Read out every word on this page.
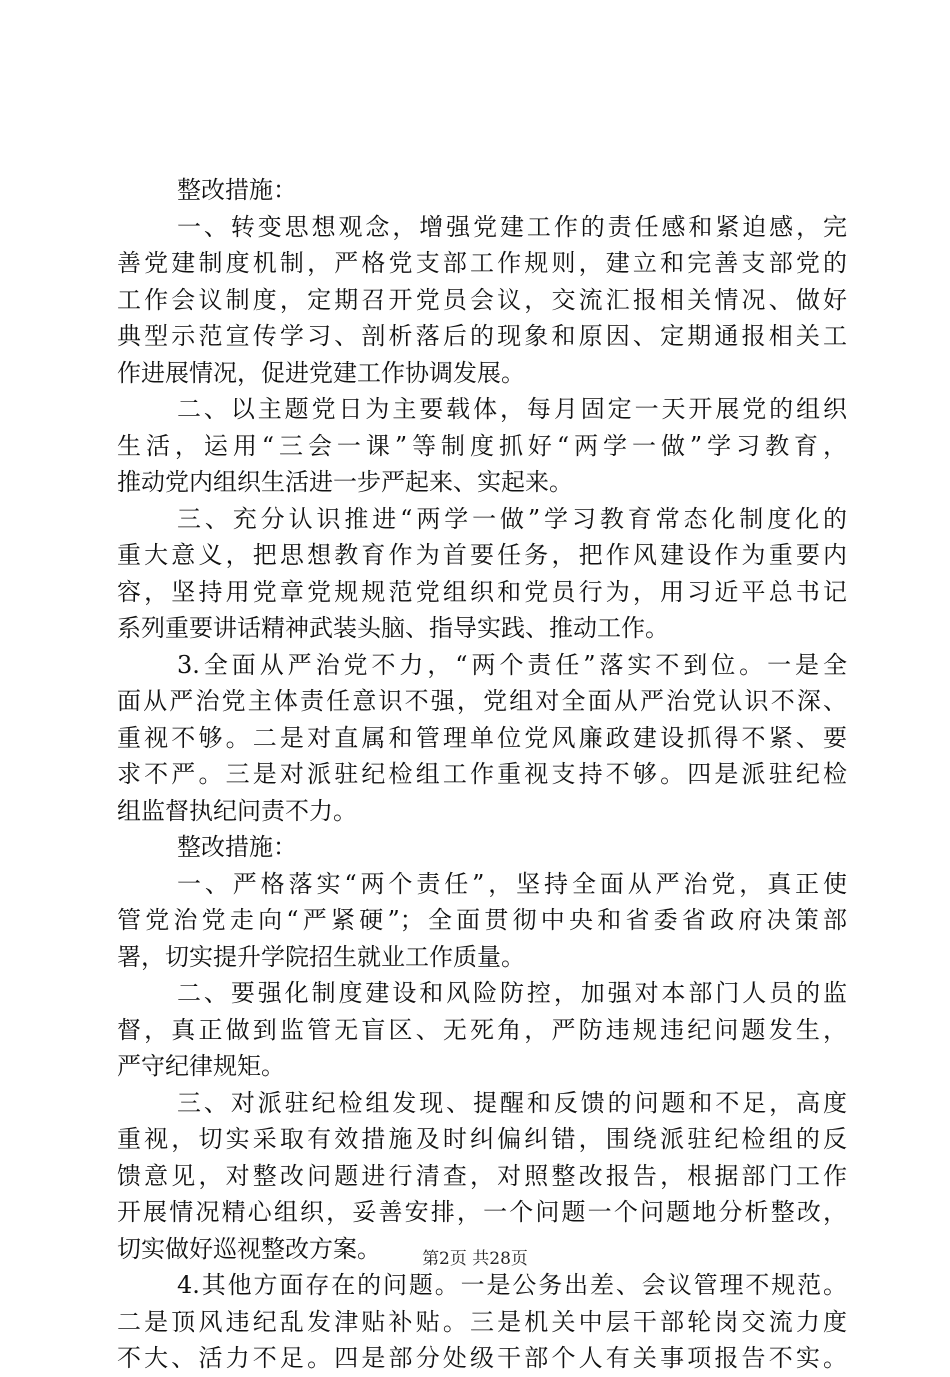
整改措施：
一、转变思想观念，增强党建工作的责任感和紧迫感，完
善党建制度机制，严格党支部工作规则，建立和完善支部党的
工作会议制度，定期召开党员会议，交流汇报相关情况、做好
典型示范宣传学习、剖析落后的现象和原因、定期通报相关工
作进展情况，促进党建工作协调发展。
二、以主题党日为主要载体，每月固定一天开展党的组织
生活，运用“三会一课”等制度抓好“两学一做”学习教育，
推动党内组织生活进一步严起来、实起来。
三、充分认识推进“两学一做”学习教育常态化制度化的
重大意义，把思想教育作为首要任务，把作风建设作为重要内
容，坚持用党章党规规范党组织和党员行为，用习近平总书记
系列重要讲话精神武装头脑、指导实践、推动工作。
3.全面从严治党不力，“两个责任”落实不到位。一是全
面从严治党主体责任意识不强，党组对全面从严治党认识不深、
重视不够。二是对直属和管理单位党风廉政建设抓得不紧、要
求不严。三是对派驻纪检组工作重视支持不够。四是派驻纪检
组监督执纪问责不力。
整改措施：
一、严格落实“两个责任”，坚持全面从严治党，真正使
管党治党走向“严紧硬”；全面贯彻中央和省委省政府决策部
署，切实提升学院招生就业工作质量。
二、要强化制度建设和风险防控，加强对本部门人员的监
督，真正做到监管无盲区、无死角，严防违规违纪问题发生，
严守纪律规矩。
三、对派驻纪检组发现、提醒和反馈的问题和不足，高度
重视，切实采取有效措施及时纠偏纠错，围绕派驻纪检组的反
馈意见，对整改问题进行清查，对照整改报告，根据部门工作
开展情况精心组织，妥善安排，一个问题一个问题地分析整改，
切实做好巡视整改方案。
4.其他方面存在的问题。一是公务出差、会议管理不规范。
二是顶风违纪乱发津贴补贴。三是机关中层干部轮岗交流力度
不大、活力不足。四是部分处级干部个人有关事项报告不实。
第2页 共28页
